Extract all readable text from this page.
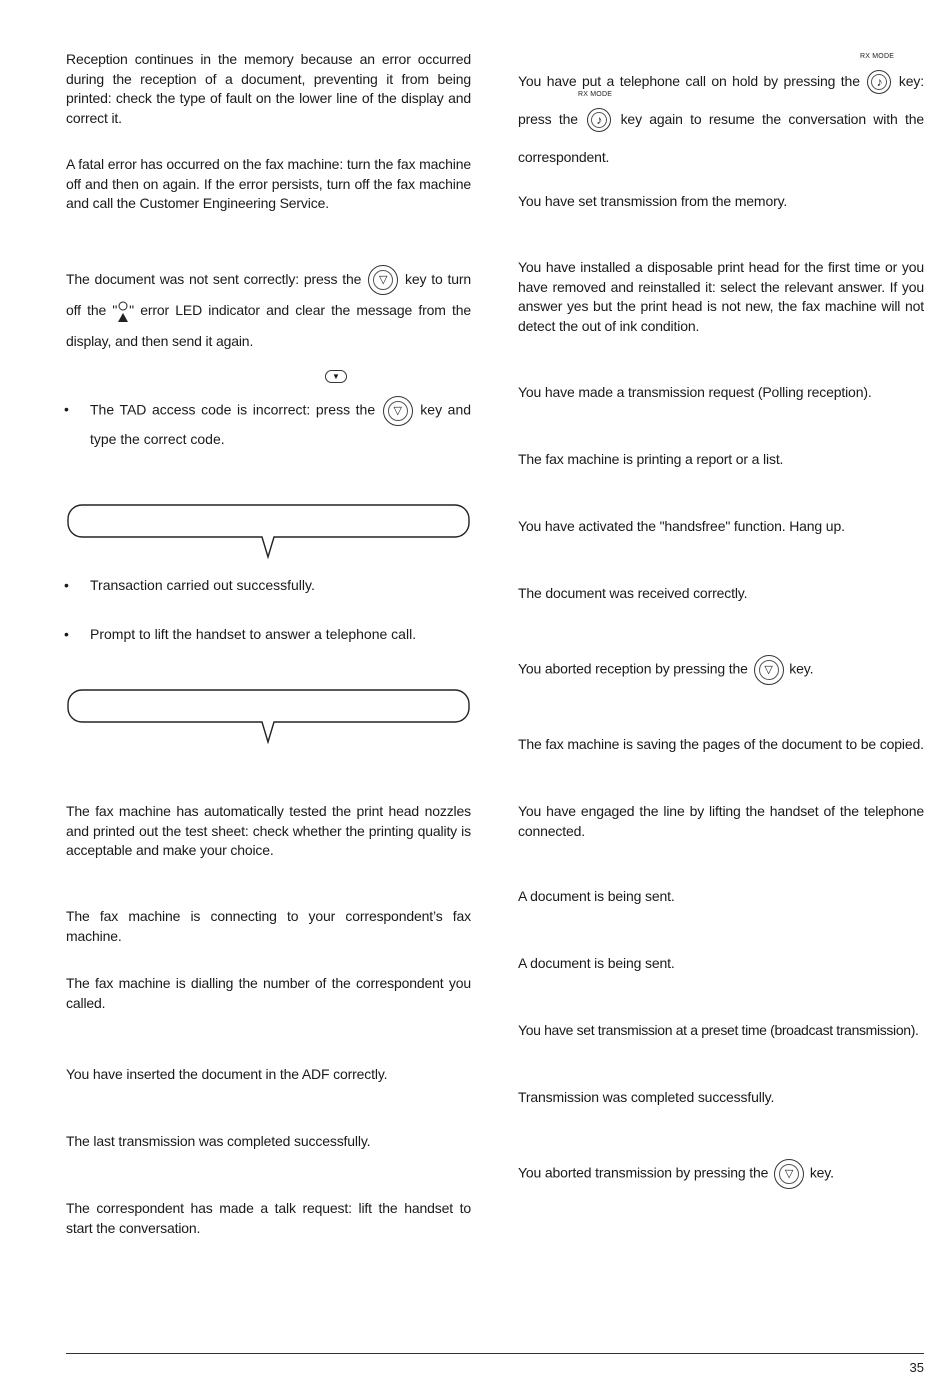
Reception continues in the memory because an error occurred during the reception of a document, preventing it from being printed: check the type of fault on the lower line of the display and correct it.
A fatal error has occurred on the fax machine: turn the fax machine off and then on again. If the error persists, turn off the fax machine and call the Customer Engineering Service.
The document was not sent correctly: press the	▽	key to turn off the " " error LED indicator and clear the message from the display, and then send it again.
▼
• The TAD access code is incorrect: press the	▽	key and type the correct code.
• Transaction carried out successfully.
• Prompt to lift the handset to answer a telephone call.
The fax machine has automatically tested the print head nozzles and printed out the test sheet: check whether the printing quality is acceptable and make your choice.
The fax machine is connecting to your correspondent’s fax machine.
The fax machine is dialling the number of the correspondent you called.
You have inserted the document in the ADF correctly.
The last transmission was completed successfully.
The correspondent has made a talk request: lift the handset to start the conversation.
RX MODE
RX MODE
You have put a telephone call on hold by pressing the	♪	key: press the	♪	key again to resume the conversation with the correspondent.
You have set transmission from the memory.
You have installed a disposable print head for the first time or you have removed and reinstalled it: select the relevant answer. If you answer yes but the print head is not new, the fax machine will not detect the out of ink condition.
You have made a transmission request (Polling reception).
The fax machine is printing a report or a list.
You have activated the "handsfree" function. Hang up.
The document was received correctly.
You aborted reception by pressing the	▽	key.
The fax machine is saving the pages of the document to be copied.
You have engaged the line by lifting the handset of the telephone connected.
A document is being sent.
A document is being sent.
You have set transmission at a preset time (broadcast transmission).
Transmission was completed successfully.
You aborted transmission by pressing the	▽	key.
35
